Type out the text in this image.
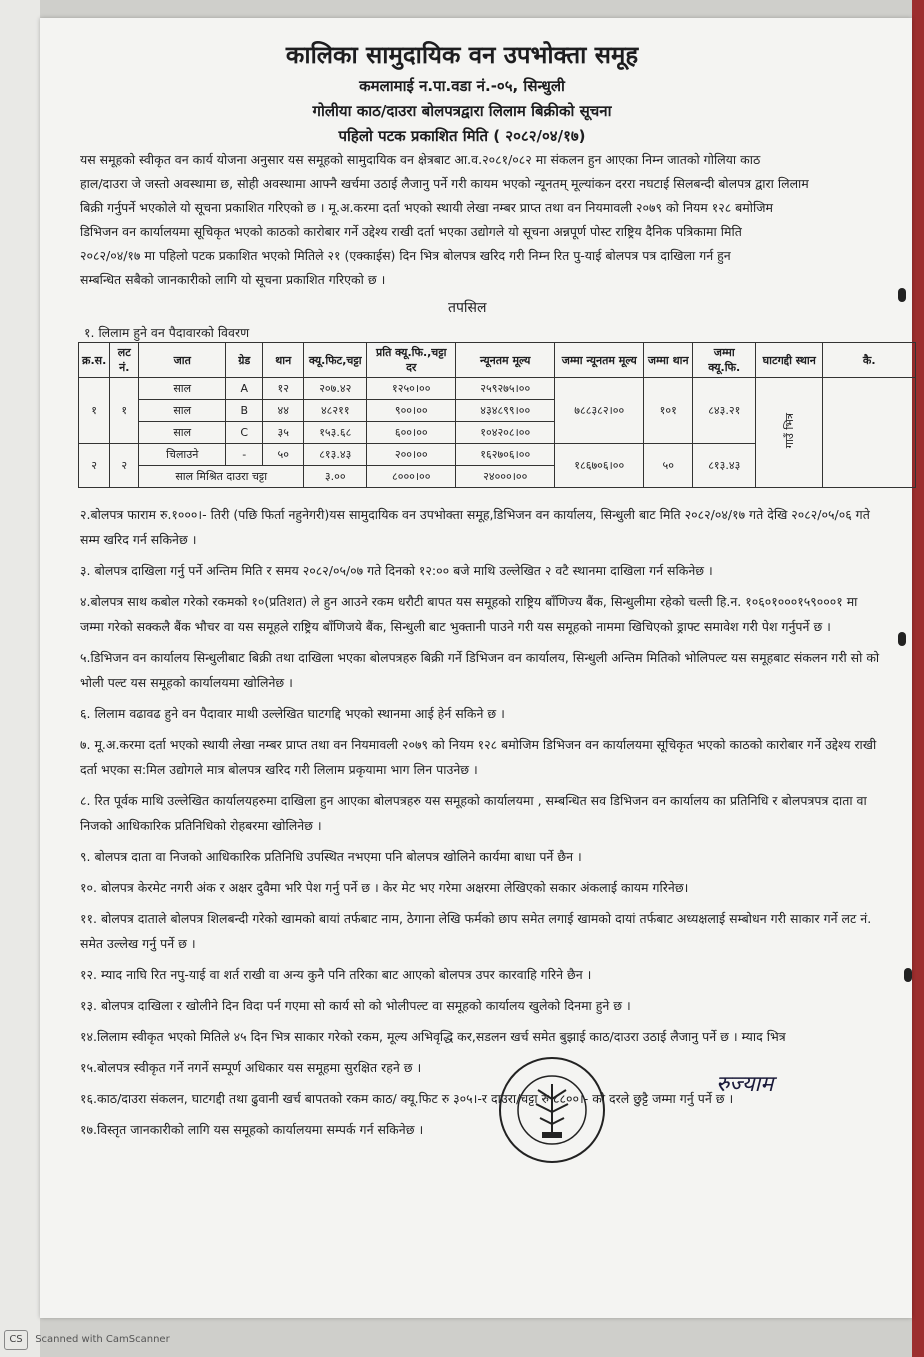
कालिका सामुदायिक वन उपभोक्ता समूह
कमलामाई न.पा.वडा नं.-०५, सिन्धुली
गोलीया काठ/दाउरा बोलपत्रद्वारा लिलाम बिक्रीको सूचना
पहिलो पटक प्रकाशित मिति ( २०८२/०४/१७)

यस समूहको स्वीकृत वन कार्य योजना अनुसार यस समूहको सामुदायिक वन क्षेत्रबाट आ.व.२०८१/०८२ मा संकलन हुन आएका निम्न जातको गोलिया काठ

हाल/दाउरा जे जस्तो अवस्थामा छ, सोही अवस्थामा आफ्नै खर्चमा उठाई लैजानु पर्ने गरी कायम भएको न्यूनतम् मूल्यांकन दररा नघटाई सिलबन्दी बोलपत्र द्वारा लिलाम

बिक्री गर्नुपर्ने भएकोले यो सूचना प्रकाशित गरिएको छ । मू.अ.करमा दर्ता भएको स्थायी लेखा नम्बर प्राप्त तथा वन नियमावली २०७९ को नियम १२८ बमोजिम

डिभिजन वन कार्यालयमा सूचिकृत भएको काठको कारोबार गर्ने उद्देश्य राखी दर्ता भएका उद्योगले यो सूचना अन्नपूर्ण पोस्ट राष्ट्रिय दैनिक पत्रिकामा मिति

२०८२/०४/१७ मा पहिलो पटक प्रकाशित भएको मितिले २१ (एक्काईस) दिन भित्र बोलपत्र खरिद गरी निम्न रित पु-याई बोलपत्र पत्र दाखिला गर्न हुन

सम्बन्धित सबैको जानकारीको लागि यो सूचना प्रकाशित गरिएको छ ।

तपसिल
१. लिलाम हुने वन पैदावारको विवरण
क्र.स.	लट नं.	जात	ग्रेड	थान	क्यू.फिट,चट्टा	प्रति क्यू.फि.,चट्टा दर	न्यूनतम मूल्य	जम्मा न्यूनतम मूल्य	जम्मा थान	जम्मा क्यू.फि.	घाटगद्दी स्थान	कै.
१	१	साल	A	१२	२०७.४२	१२५०।००	२५९२७५।००	७८८३८२।००	१०१	८४३.२१	गाउँ भित्र	
		साल	B	४४	४८२११	९००।००	४३४८९९।००					
		साल	C	३५	१५३.६८	६००।००	१०४२०८।००					
२	२	चिलाउने	-	५०	८१३.४३	२००।००	१६२७०६।००	१८६७०६।००	५०	८१३.४३		
		साल मिश्रित दाउरा चट्टा			३.००	८०००।००	२४०००।००					

२.बोलपत्र फाराम रु.१०००।- तिरी (पछि फिर्ता नहुनेगरी)यस सामुदायिक वन उपभोक्ता समूह,डिभिजन वन कार्यालय, सिन्धुली बाट मिति २०८२/०४/१७ गते देखि २०८२/०५/०६ गते सम्म खरिद गर्न सकिनेछ ।

३. बोलपत्र दाखिला गर्नु पर्ने अन्तिम मिति र समय २०८२/०५/०७ गते दिनको १२:०० बजे माथि उल्लेखित २ वटै स्थानमा दाखिला गर्न सकिनेछ ।

४.बोलपत्र साथ कबोल गरेको रकमको १०(प्रतिशत) ले हुन आउने रकम धरौटी बापत यस समूहको राष्ट्रिय बाँणिज्य बैंक, सिन्धुलीमा रहेको चल्ती हि.न. १०६०१०००१५९०००१ मा जम्मा गरेको सक्कलै बैंक भौचर वा यस समूहले राष्ट्रिय बाँणिजये बैंक, सिन्धुली बाट भुक्तानी पाउने गरी यस समूहको नाममा खिचिएको ड्राफ्ट समावेश गरी पेश गर्नुपर्ने छ ।

५.डिभिजन वन कार्यालय सिन्धुलीबाट बिक्री तथा दाखिला भएका बोलपत्रहरु बिक्री गर्ने डिभिजन वन कार्यालय, सिन्धुली अन्तिम मितिको भोलिपल्ट यस समूहबाट संकलन गरी सो को भोली पल्ट यस समूहको कार्यालयमा खोलिनेछ ।

६. लिलाम वढावढ हुने वन पैदावार माथी उल्लेखित घाटगद्दि भएको स्थानमा आई हेर्न सकिने छ ।

७. मू.अ.करमा दर्ता भएको स्थायी लेखा नम्बर प्राप्त तथा वन नियमावली २०७९ को नियम १२८ बमोजिम डिभिजन वन कार्यालयमा सूचिकृत भएको काठको कारोबार गर्ने उद्देश्य राखी दर्ता भएका स:मिल उद्योगले मात्र बोलपत्र खरिद गरी लिलाम प्रकृयामा भाग लिन पाउनेछ ।

८. रित पूर्वक माथि उल्लेखित कार्यालयहरुमा दाखिला हुन आएका बोलपत्रहरु यस समूहको कार्यालयमा , सम्बन्धित सव डिभिजन वन कार्यालय का प्रतिनिधि र बोलपत्रपत्र दाता वा निजको आधिकारिक प्रतिनिधिको रोहबरमा खोलिनेछ ।

९. बोलपत्र दाता वा निजको आधिकारिक प्रतिनिधि उपस्थित नभएमा पनि बोलपत्र खोलिने कार्यमा बाधा पर्ने छैन ।

१०. बोलपत्र केरमेट नगरी अंक र अक्षर दुवैमा भरि पेश गर्नु पर्ने छ । केर मेट भए गरेमा अक्षरमा लेखिएको सकार अंकलाई कायम गरिनेछ।

११. बोलपत्र दाताले बोलपत्र शिलबन्दी गरेको खामको बायां तर्फबाट नाम, ठेगाना लेखि फर्मको छाप समेत लगाई खामको दायां तर्फबाट अध्यक्षलाई सम्बोधन गरी साकार गर्ने लट नं. समेत उल्लेख गर्नु पर्ने छ ।

१२. म्याद नाघि रित नपु-याई वा शर्त राखी वा अन्य कुनै पनि तरिका बाट आएको बोलपत्र उपर कारवाहि गरिने छैन ।

१३. बोलपत्र दाखिला र खोलीने दिन विदा पर्न गएमा सो कार्य सो को भोलीपल्ट वा समूहको कार्यालय खुलेको दिनमा हुने छ ।

१४.लिलाम स्वीकृत भएको मितिले ४५ दिन भित्र साकार गरेको रकम, मूल्य अभिवृद्धि कर,सडलन खर्च समेत बुझाई काठ/दाउरा उठाई लैजानु पर्ने छ । म्याद भित्र

१५.बोलपत्र स्वीकृत गर्ने नगर्ने सम्पूर्ण अधिकार यस समूहमा सुरक्षित रहने छ ।

१६.काठ/दाउरा संकलन, घाटगद्दी तथा ढुवानी खर्च बापतको रकम काठ/ क्यू.फिट रु ३०५।-र दाउरा/चट्टा रु ८८००।- को दरले छुट्टै जम्मा गर्नु पर्ने छ ।

१७.विस्तृत जानकारीको लागि यस समूहको कार्यालयमा सम्पर्क गर्न सकिनेछ ।

रुज्याम
CS Scanned with CamScanner
